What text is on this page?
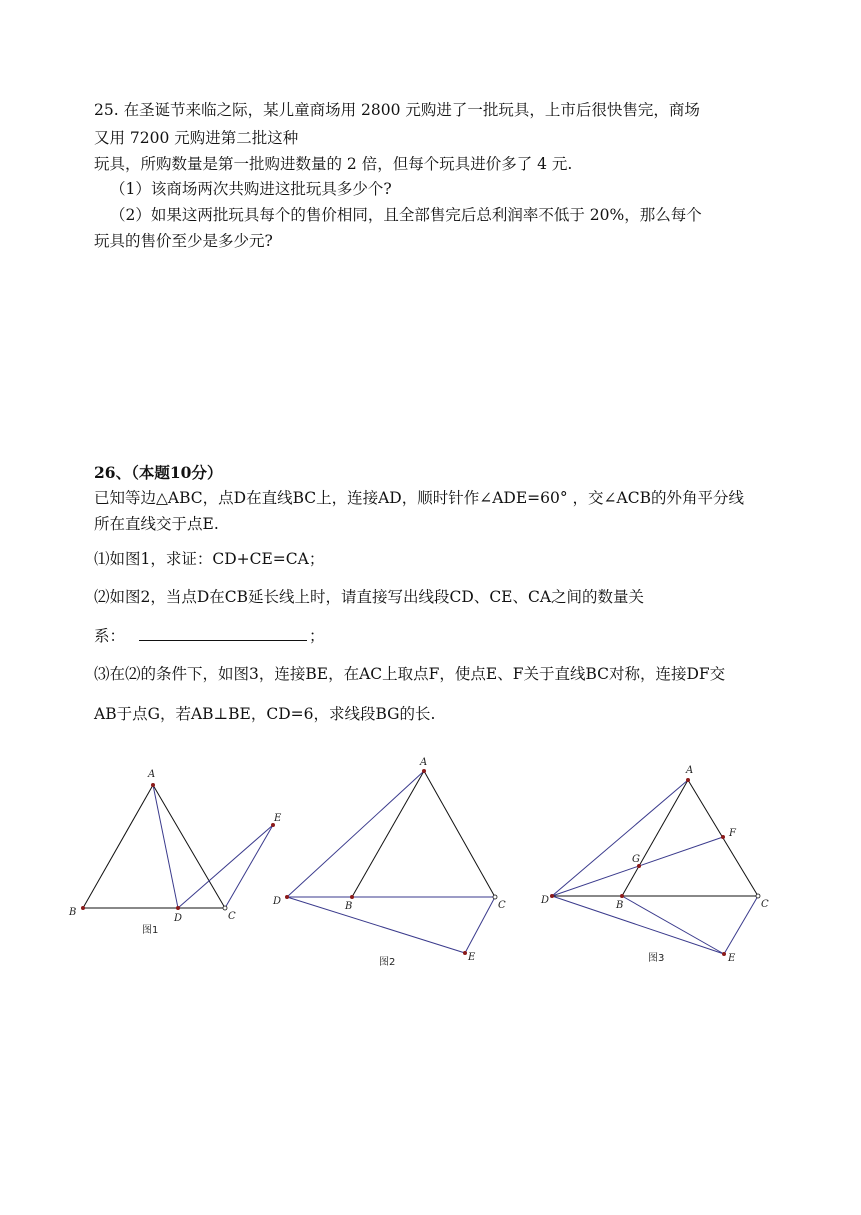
25. 在圣诞节来临之际，某儿童商场用 2800 元购进了一批玩具，上市后很快售完，商场
又用 7200 元购进第二批这种
玩具，所购数量是第一批购进数量的 2 倍，但每个玩具进价多了 4 元.
（1）该商场两次共购进这批玩具多少个?
（2）如果这两批玩具每个的售价相同，且全部售完后总利润率不低于 20%，那么每个
玩具的售价至少是多少元?
26、（本题10分）
已知等边△ABC，点D在直线BC上，连接AD，顺时针作∠ADE=60° ，交∠ACB的外角平分线
所在直线交于点E.
⑴如图1，求证：CD+CE=CA；
⑵如图2，当点D在CB延长线上时，请直接写出线段CD、CE、CA之间的数量关
系：	；
⑶在⑵的条件下，如图3，连接BE，在AC上取点F，使点E、F关于直线BC对称，连接DF交
AB于点G，若AB⊥BE，CD=6，求线段BG的长.
A
B
D	C
E
图1
A
B
D	C
E
图2
A
B
D	C
F
G
E
图3
